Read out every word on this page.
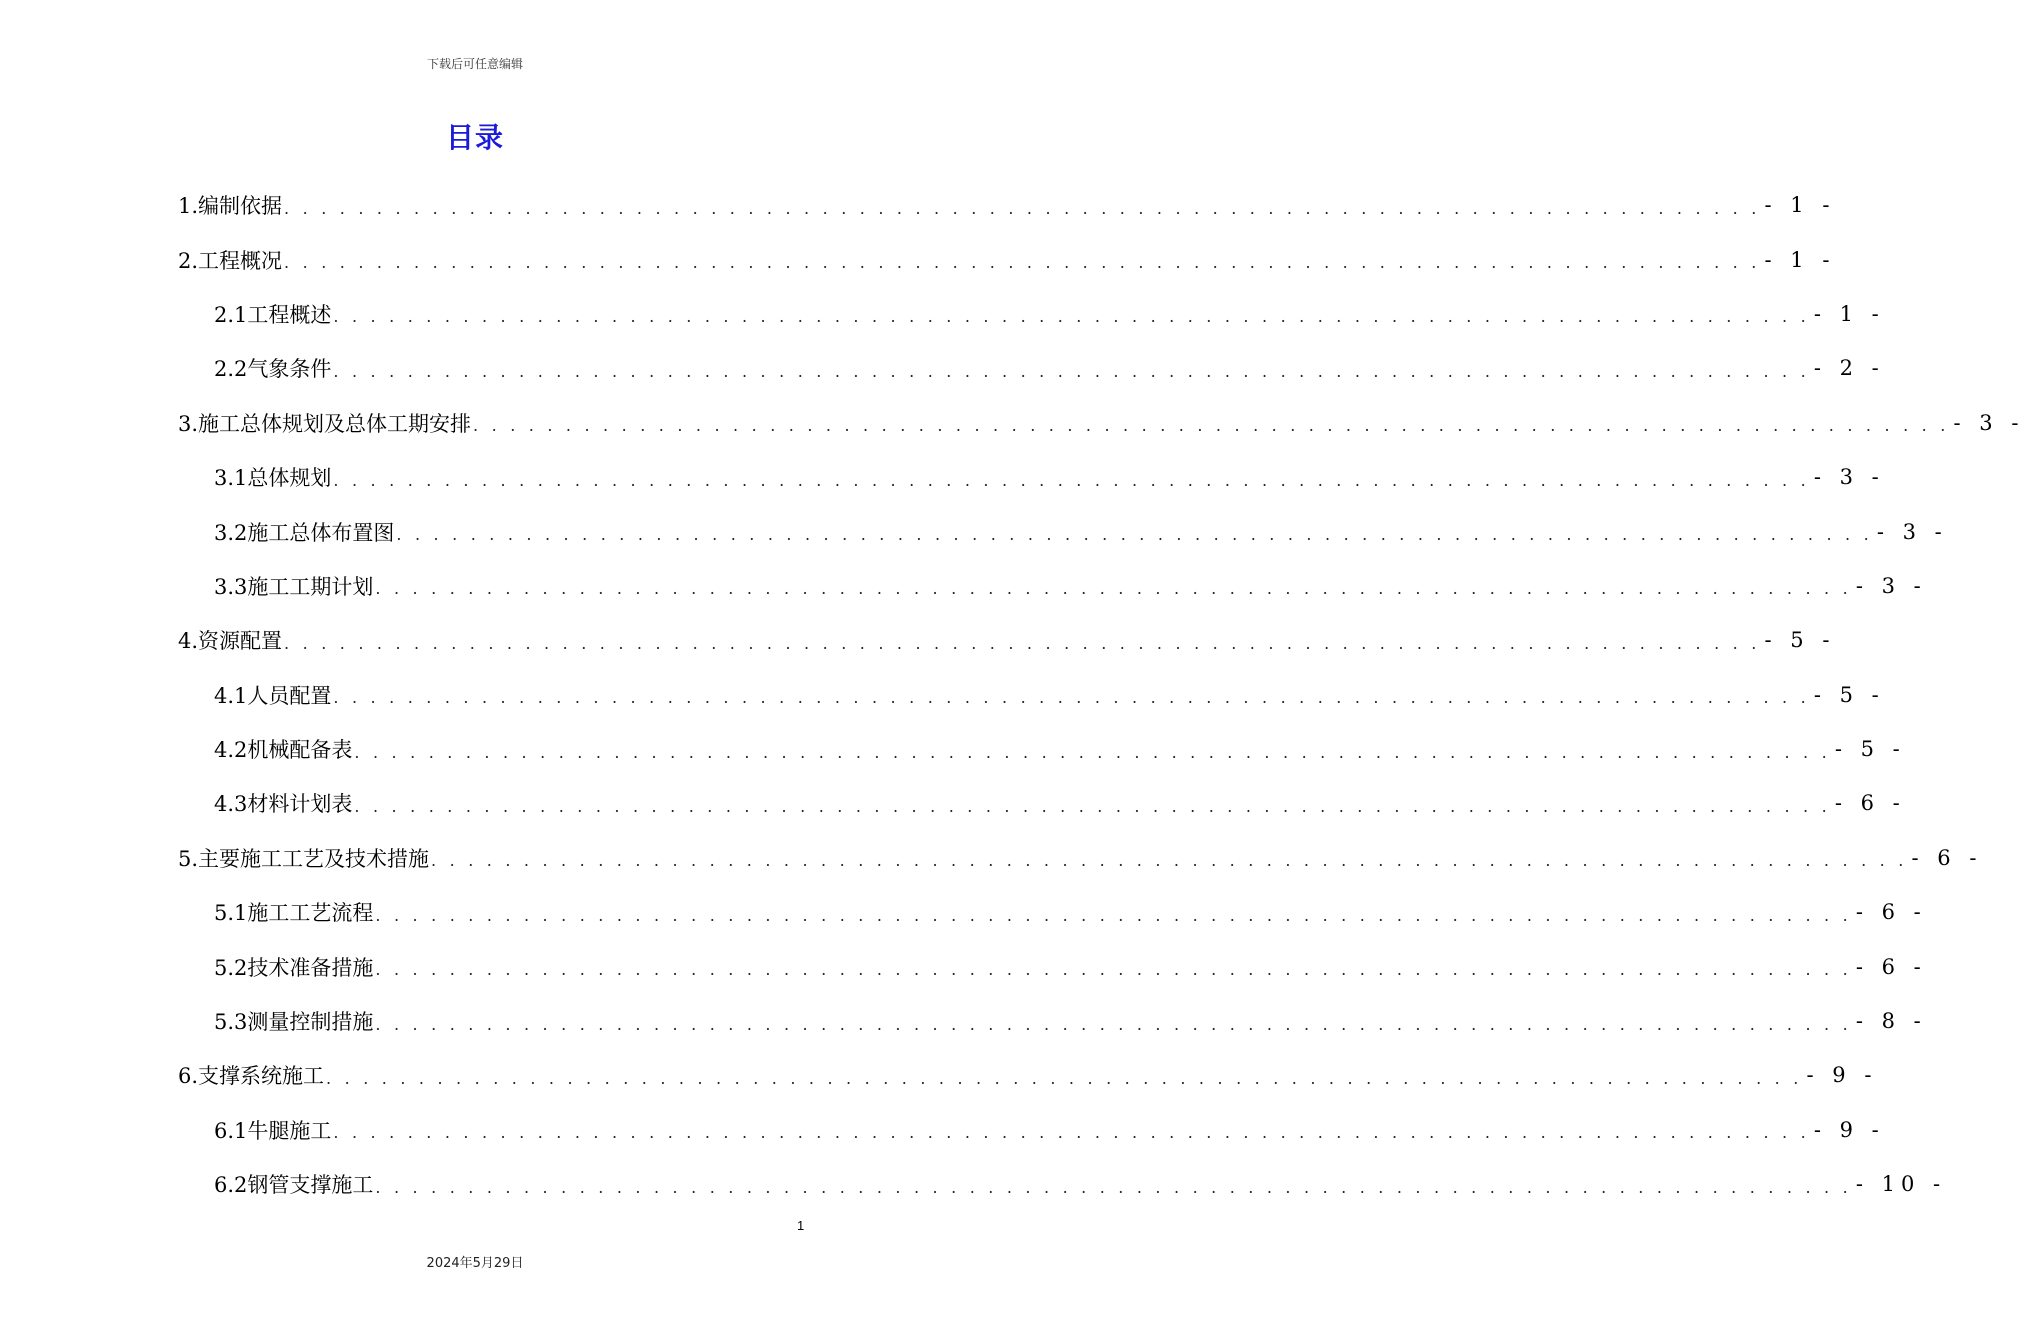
下载后可任意编辑
目录
1.编制依据 . . . . . . . . . . . . . . . . . . . . . . . . . . . . . . . . . . . . . . . . . . . . . . . . . . . . . . . . . . . . . . . . . . . . . . . . . . . . . . . . - 1 -
2.工程概况 . . . . . . . . . . . . . . . . . . . . . . . . . . . . . . . . . . . . . . . . . . . . . . . . . . . . . . . . . . . . . . . . . . . . . . . . . . . . . . . . - 1 -
2.1工程概述 . . . . . . . . . . . . . . . . . . . . . . . . . . . . . . . . . . . . . . . . . . . . . . . . . . . . . . . . . . . . . . . . . . . . . . . . . . . . . . . . - 1 -
2.2气象条件 . . . . . . . . . . . . . . . . . . . . . . . . . . . . . . . . . . . . . . . . . . . . . . . . . . . . . . . . . . . . . . . . . . . . . . . . . . . . . . . . - 2 -
3.施工总体规划及总体工期安排 . . . . . . . . . . . . . . . . . . . . . . . . . . . . . . . . . . . . . . . . . . . . . . . . . . . . . . . . . . . . . . . . . . . . . . . . . . . . . . . . - 3 -
3.1总体规划 . . . . . . . . . . . . . . . . . . . . . . . . . . . . . . . . . . . . . . . . . . . . . . . . . . . . . . . . . . . . . . . . . . . . . . . . . . . . . . . . - 3 -
3.2施工总体布置图 . . . . . . . . . . . . . . . . . . . . . . . . . . . . . . . . . . . . . . . . . . . . . . . . . . . . . . . . . . . . . . . . . . . . . . . . . . . . . . . . - 3 -
3.3施工工期计划 . . . . . . . . . . . . . . . . . . . . . . . . . . . . . . . . . . . . . . . . . . . . . . . . . . . . . . . . . . . . . . . . . . . . . . . . . . . . . . . . - 3 -
4.资源配置 . . . . . . . . . . . . . . . . . . . . . . . . . . . . . . . . . . . . . . . . . . . . . . . . . . . . . . . . . . . . . . . . . . . . . . . . . . . . . . . . - 5 -
4.1人员配置 . . . . . . . . . . . . . . . . . . . . . . . . . . . . . . . . . . . . . . . . . . . . . . . . . . . . . . . . . . . . . . . . . . . . . . . . . . . . . . . . - 5 -
4.2机械配备表 . . . . . . . . . . . . . . . . . . . . . . . . . . . . . . . . . . . . . . . . . . . . . . . . . . . . . . . . . . . . . . . . . . . . . . . . . . . . . . . . - 5 -
4.3材料计划表 . . . . . . . . . . . . . . . . . . . . . . . . . . . . . . . . . . . . . . . . . . . . . . . . . . . . . . . . . . . . . . . . . . . . . . . . . . . . . . . . - 6 -
5.主要施工工艺及技术措施 . . . . . . . . . . . . . . . . . . . . . . . . . . . . . . . . . . . . . . . . . . . . . . . . . . . . . . . . . . . . . . . . . . . . . . . . . . . . . . . . - 6 -
5.1施工工艺流程 . . . . . . . . . . . . . . . . . . . . . . . . . . . . . . . . . . . . . . . . . . . . . . . . . . . . . . . . . . . . . . . . . . . . . . . . . . . . . . . . - 6 -
5.2技术准备措施 . . . . . . . . . . . . . . . . . . . . . . . . . . . . . . . . . . . . . . . . . . . . . . . . . . . . . . . . . . . . . . . . . . . . . . . . . . . . . . . . - 6 -
5.3测量控制措施 . . . . . . . . . . . . . . . . . . . . . . . . . . . . . . . . . . . . . . . . . . . . . . . . . . . . . . . . . . . . . . . . . . . . . . . . . . . . . . . . - 8 -
6.支撑系统施工 . . . . . . . . . . . . . . . . . . . . . . . . . . . . . . . . . . . . . . . . . . . . . . . . . . . . . . . . . . . . . . . . . . . . . . . . . . . . . . . . - 9 -
6.1牛腿施工 . . . . . . . . . . . . . . . . . . . . . . . . . . . . . . . . . . . . . . . . . . . . . . . . . . . . . . . . . . . . . . . . . . . . . . . . . . . . . . . . - 9 -
6.2钢管支撑施工 . . . . . . . . . . . . . . . . . . . . . . . . . . . . . . . . . . . . . . . . . . . . . . . . . . . . . . . . . . . . . . . . . . . . . . . . . . . . . . . . - 10 -
1
2024年5月29日
